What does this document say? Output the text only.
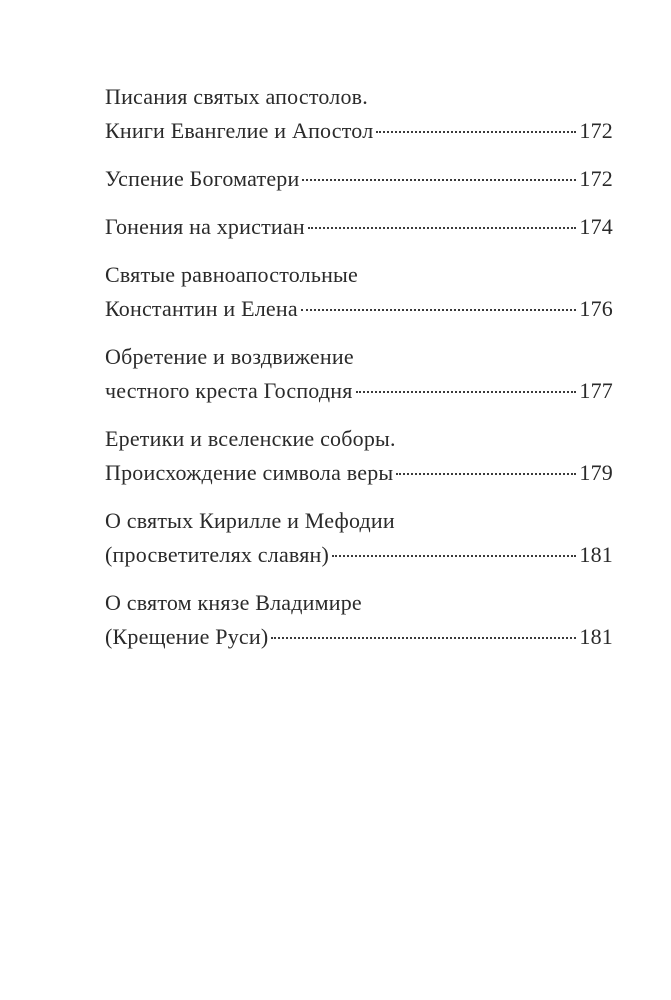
Писания святых апостолов.
Книги Евангелие и Апостол	172
Успение Богоматери	172
Гонения на христиан	174
Святые равноапостольные
Константин и Елена	176
Обретение и воздвижение
честного креста Господня	177
Еретики и вселенские соборы.
Происхождение символа веры	179
О святых Кирилле и Мефодии
(просветителях славян)	181
О святом князе Владимире
(Крещение Руси)	181
